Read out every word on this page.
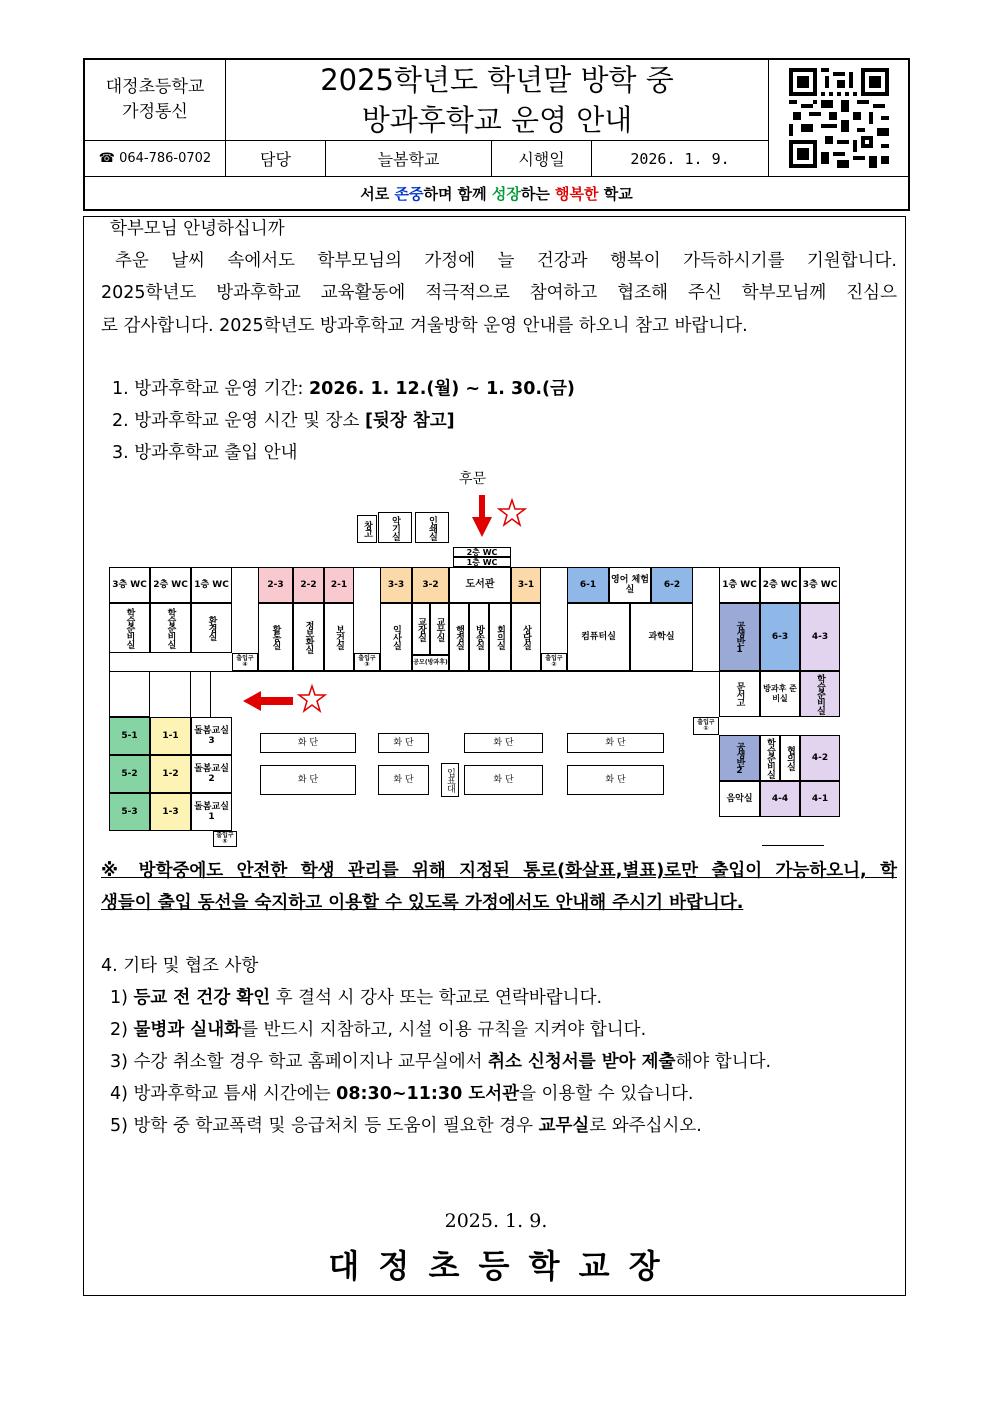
대정초등학교
가정통신
2025학년도 학년말 방학 중
방과후학교 운영 안내
☎ 064-786-0702	담당	늘봄학교	시행일	2026. 1. 9.
서로 존중하며 함께 성장하는 행복한 학교
학부모님 안녕하십니까
추운 날씨 속에서도 학부모님의 가정에 늘 건강과 행복이 가득하시기를 기원합니다.
2025학년도 방과후학교 교육활동에 적극적으로 참여하고 협조해 주신 학부모님께 진심으
로 감사합니다. 2025학년도 방과후학교 겨울방학 운영 안내를 하오니 참고 바랍니다.
1. 방과후학교 운영 기간: 2026. 1. 12.(월) ~ 1. 30.(금)
2. 방과후학교 운영 시간 및 장소 [뒷장 참고]
3. 방과후학교 출입 안내
후문
창고	악기실	인쇄실
2층 WC
1층 WC
3층 WC 2층 WC 1층 WC	2-3	2-2	2-1	3-3	3-2	도서관	3-1	6-1	영어 체험실	6-2	1층 WC 2층 WC 3층 WC
학습준비실	학습준비실	환경실
출입구 ④
활동실	정보화실	보건실
출입구 ③
익사실	교장실 교무실
공모(방과후)
행정실	방송실	회의실	상담실
출입구 ②
컴퓨터실	과학실	공생반1	6-3	4-3
문서고	방과후 준비실	학습준비실
출입구 ①
공생반2	학습준비실	협의실	4-2
음악실	4-4	4-1
5-1	1-1	돌봄교실3
5-2	1-2	돌봄교실2
5-3	1-3	돌봄교실1
출입구 ⑤
화 단	화 단	화 단	화 단
화 단	화 단	입표대	화 단	화 단
※ 방학중에도 안전한 학생 관리를 위해 지정된 통로(화살표,별표)로만 출입이 가능하오니, 학
생들이 출입 동선을 숙지하고 이용할 수 있도록 가정에서도 안내해 주시기 바랍니다.
4. 기타 및 협조 사항
1) 등교 전 건강 확인 후 결석 시 강사 또는 학교로 연락바랍니다.
2) 물병과 실내화를 반드시 지참하고, 시설 이용 규칙을 지켜야 합니다.
3) 수강 취소할 경우 학교 홈페이지나 교무실에서 취소 신청서를 받아 제출해야 합니다.
4) 방과후학교 틈새 시간에는 08:30~11:30 도서관을 이용할 수 있습니다.
5) 방학 중 학교폭력 및 응급처치 등 도움이 필요한 경우 교무실로 와주십시오.
2025. 1. 9.
대 정 초 등 학 교 장
